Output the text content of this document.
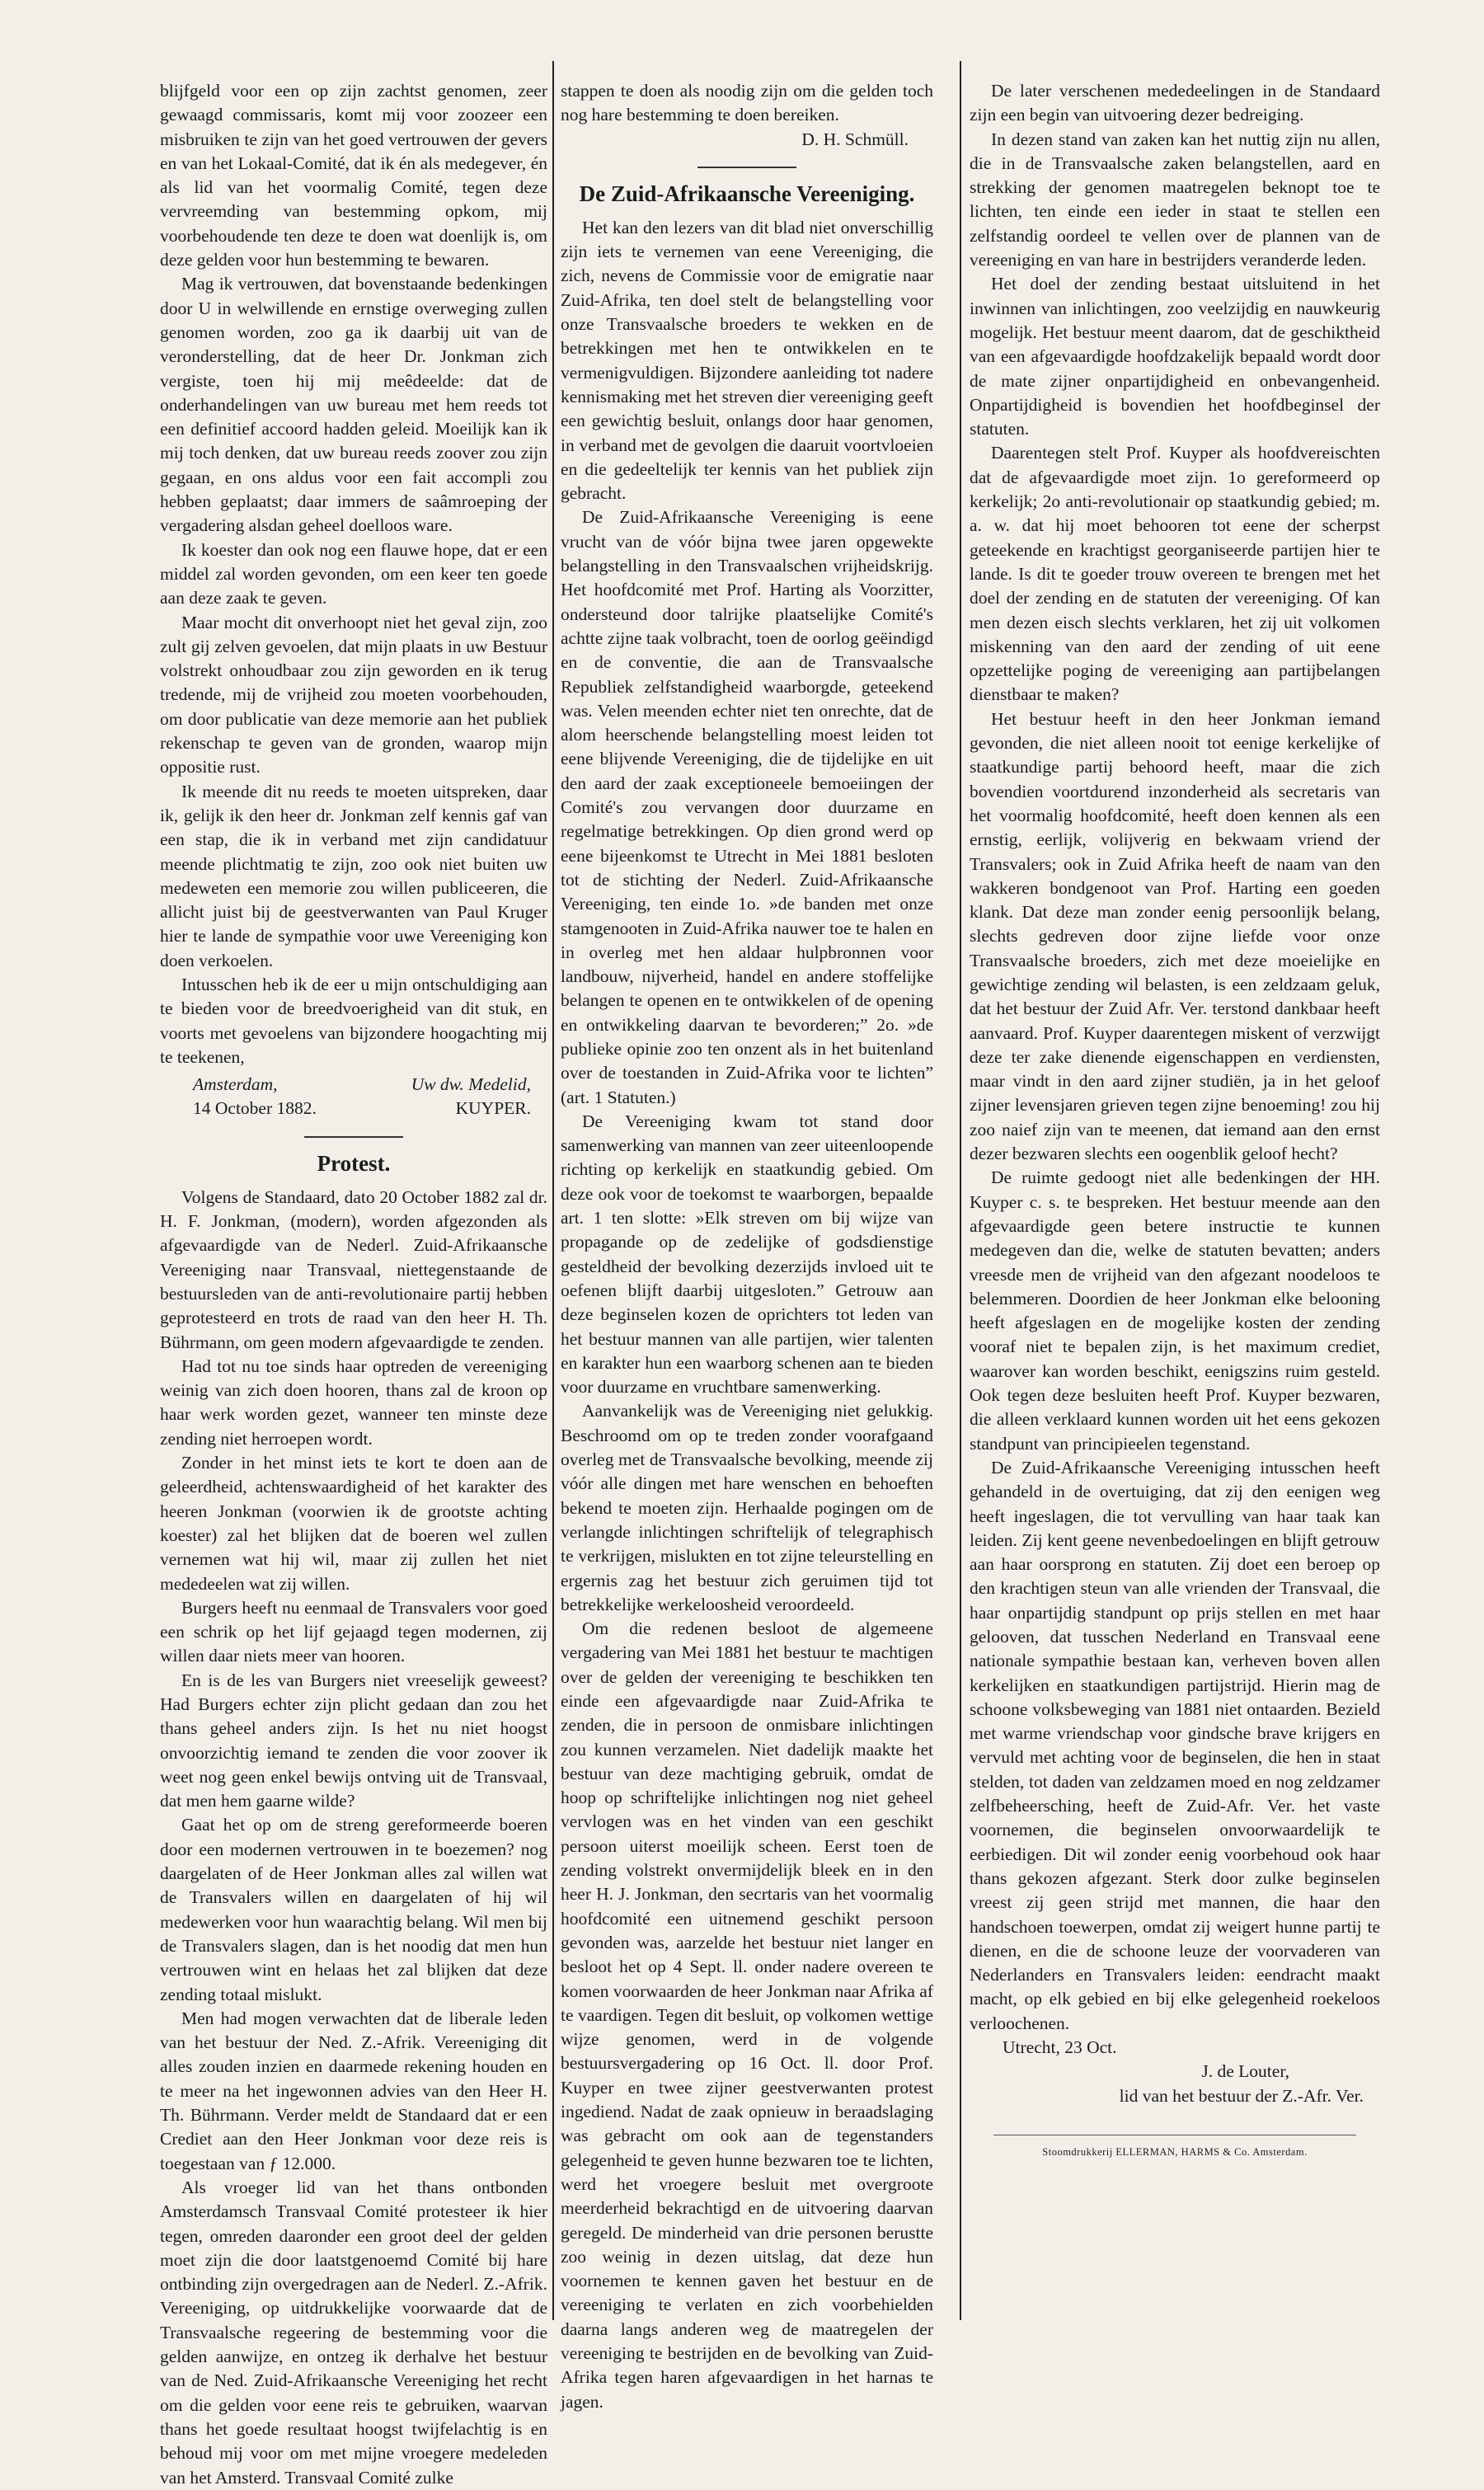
blijfgeld voor een op zijn zachtst genomen, zeer gewaagd commissaris, komt mij voor zoozeer een misbruiken te zijn van het goed vertrouwen der gevers en van het Lokaal-Comité, dat ik én als medegever, én als lid van het voormalig Comité, tegen deze vervreemding van bestemming opkom, mij voorbehoudende ten deze te doen wat doenlijk is, om deze gelden voor hun bestemming te bewaren.

Mag ik vertrouwen, dat bovenstaande bedenkingen door U in welwillende en ernstige overweging zullen genomen worden, zoo ga ik daarbij uit van de veronderstelling, dat de heer Dr. Jonkman zich vergiste, toen hij mij meêdeelde: dat de onderhandelingen van uw bureau met hem reeds tot een definitief accoord hadden geleid. Moeilijk kan ik mij toch denken, dat uw bureau reeds zoover zou zijn gegaan, en ons aldus voor een fait accompli zou hebben geplaatst; daar immers de saâmroeping der vergadering alsdan geheel doelloos ware.

Ik koester dan ook nog een flauwe hope, dat er een middel zal worden gevonden, om een keer ten goede aan deze zaak te geven.

Maar mocht dit onverhoopt niet het geval zijn, zoo zult gij zelven gevoelen, dat mijn plaats in uw Bestuur volstrekt onhoudbaar zou zijn geworden en ik terug tredende, mij de vrijheid zou moeten voorbehouden, om door publicatie van deze memorie aan het publiek rekenschap te geven van de gronden, waarop mijn oppositie rust.

Ik meende dit nu reeds te moeten uitspreken, daar ik, gelijk ik den heer dr. Jonkman zelf kennis gaf van een stap, die ik in verband met zijn candidatuur meende plichtmatig te zijn, zoo ook niet buiten uw medeweten een memorie zou willen publiceeren, die allicht juist bij de geestverwanten van Paul Kruger hier te lande de sympathie voor uwe Vereeniging kon doen verkoelen.

Intusschen heb ik de eer u mijn ontschuldiging aan te bieden voor de breedvoerigheid van dit stuk, en voorts met gevoelens van bijzondere hoogachting mij te teekenen,

Amsterdam,	Uw dw. Medelid,
14 October 1882.	KUYPER.
Protest.

Volgens de Standaard, dato 20 October 1882 zal dr. H. F. Jonkman, (modern), worden afgezonden als afgevaardigde van de Nederl. Zuid-Afrikaansche Vereeniging naar Transvaal, niettegenstaande de bestuursleden van de anti-revolutionaire partij hebben geprotesteerd en trots de raad van den heer H. Th. Bührmann, om geen modern afgevaardigde te zenden.

Had tot nu toe sinds haar optreden de vereeniging weinig van zich doen hooren, thans zal de kroon op haar werk worden gezet, wanneer ten minste deze zending niet herroepen wordt.

Zonder in het minst iets te kort te doen aan de geleerdheid, achtenswaardigheid of het karakter des heeren Jonkman (voorwien ik de grootste achting koester) zal het blijken dat de boeren wel zullen vernemen wat hij wil, maar zij zullen het niet mededeelen wat zij willen.

Burgers heeft nu eenmaal de Transvalers voor goed een schrik op het lijf gejaagd tegen modernen, zij willen daar niets meer van hooren.

En is de les van Burgers niet vreeselijk geweest? Had Burgers echter zijn plicht gedaan dan zou het thans geheel anders zijn. Is het nu niet hoogst onvoorzichtig iemand te zenden die voor zoover ik weet nog geen enkel bewijs ontving uit de Transvaal, dat men hem gaarne wilde?

Gaat het op om de streng gereformeerde boeren door een modernen vertrouwen in te boezemen? nog daargelaten of de Heer Jonkman alles zal willen wat de Transvalers willen en daargelaten of hij wil medewerken voor hun waarachtig belang. Wil men bij de Transvalers slagen, dan is het noodig dat men hun vertrouwen wint en helaas het zal blijken dat deze zending totaal mislukt.

Men had mogen verwachten dat de liberale leden van het bestuur der Ned. Z.-Afrik. Vereeniging dit alles zouden inzien en daarmede rekening houden en te meer na het ingewonnen advies van den Heer H. Th. Bührmann. Verder meldt de Standaard dat er een Crediet aan den Heer Jonkman voor deze reis is toegestaan van ƒ 12.000.

Als vroeger lid van het thans ontbonden Amsterdamsch Transvaal Comité protesteer ik hier tegen, omreden daaronder een groot deel der gelden moet zijn die door laatstgenoemd Comité bij hare ontbinding zijn overgedragen aan de Nederl. Z.-Afrik. Vereeniging, op uitdrukkelijke voorwaarde dat de Transvaalsche regeering de bestemming voor die gelden aanwijze, en ontzeg ik derhalve het bestuur van de Ned. Zuid-Afrikaansche Vereeniging het recht om die gelden voor eene reis te gebruiken, waarvan thans het goede resultaat hoogst twijfelachtig is en behoud mij voor om met mijne vroegere medeleden van het Amsterd. Transvaal Comité zulke

stappen te doen als noodig zijn om die gelden toch nog hare bestemming te doen bereiken.

D. H. Schmüll.
De Zuid-Afrikaansche Vereeniging.

Het kan den lezers van dit blad niet onverschillig zijn iets te vernemen van eene Vereeniging, die zich, nevens de Commissie voor de emigratie naar Zuid-Afrika, ten doel stelt de belangstelling voor onze Transvaalsche broeders te wekken en de betrekkingen met hen te ontwikkelen en te vermenigvuldigen. Bijzondere aanleiding tot nadere kennismaking met het streven dier vereeniging geeft een gewichtig besluit, onlangs door haar genomen, in verband met de gevolgen die daaruit voortvloeien en die gedeeltelijk ter kennis van het publiek zijn gebracht.

De Zuid-Afrikaansche Vereeniging is eene vrucht van de vóór bijna twee jaren opgewekte belangstelling in den Transvaalschen vrijheidskrijg. Het hoofdcomité met Prof. Harting als Voorzitter, ondersteund door talrijke plaatselijke Comité's achtte zijne taak volbracht, toen de oorlog geëindigd en de conventie, die aan de Transvaalsche Republiek zelfstandigheid waarborgde, geteekend was. Velen meenden echter niet ten onrechte, dat de alom heerschende belangstelling moest leiden tot eene blijvende Vereeniging, die de tijdelijke en uit den aard der zaak exceptioneele bemoeiingen der Comité's zou vervangen door duurzame en regelmatige betrekkingen. Op dien grond werd op eene bijeenkomst te Utrecht in Mei 1881 besloten tot de stichting der Nederl. Zuid-Afrikaansche Vereeniging, ten einde 1o. »de banden met onze stamgenooten in Zuid-Afrika nauwer toe te halen en in overleg met hen aldaar hulpbronnen voor landbouw, nijverheid, handel en andere stoffelijke belangen te openen en te ontwikkelen of de opening en ontwikkeling daarvan te bevorderen;” 2o. »de publieke opinie zoo ten onzent als in het buitenland over de toestanden in Zuid-Afrika voor te lichten” (art. 1 Statuten.)

De Vereeniging kwam tot stand door samenwerking van mannen van zeer uiteenloopende richting op kerkelijk en staatkundig gebied. Om deze ook voor de toekomst te waarborgen, bepaalde art. 1 ten slotte: »Elk streven om bij wijze van propagande op de zedelijke of godsdienstige gesteldheid der bevolking dezerzijds invloed uit te oefenen blijft daarbij uitgesloten.” Getrouw aan deze beginselen kozen de oprichters tot leden van het bestuur mannen van alle partijen, wier talenten en karakter hun een waarborg schenen aan te bieden voor duurzame en vruchtbare samenwerking.

Aanvankelijk was de Vereeniging niet gelukkig. Beschroomd om op te treden zonder voorafgaand overleg met de Transvaalsche bevolking, meende zij vóór alle dingen met hare wenschen en behoeften bekend te moeten zijn. Herhaalde pogingen om de verlangde inlichtingen schriftelijk of telegraphisch te verkrijgen, mislukten en tot zijne teleurstelling en ergernis zag het bestuur zich geruimen tijd tot betrekkelijke werkeloosheid veroordeeld.

Om die redenen besloot de algemeene vergadering van Mei 1881 het bestuur te machtigen over de gelden der vereeniging te beschikken ten einde een afgevaardigde naar Zuid-Afrika te zenden, die in persoon de onmisbare inlichtingen zou kunnen verzamelen. Niet dadelijk maakte het bestuur van deze machtiging gebruik, omdat de hoop op schriftelijke inlichtingen nog niet geheel vervlogen was en het vinden van een geschikt persoon uiterst moeilijk scheen. Eerst toen de zending volstrekt onvermijdelijk bleek en in den heer H. J. Jonkman, den secrtaris van het voormalig hoofdcomité een uitnemend geschikt persoon gevonden was, aarzelde het bestuur niet langer en besloot het op 4 Sept. ll. onder nadere overeen te komen voorwaarden de heer Jonkman naar Afrika af te vaardigen. Tegen dit besluit, op volkomen wettige wijze genomen, werd in de volgende bestuursvergadering op 16 Oct. ll. door Prof. Kuyper en twee zijner geestverwanten protest ingediend. Nadat de zaak opnieuw in beraadslaging was gebracht om ook aan de tegenstanders gelegenheid te geven hunne bezwaren toe te lichten, werd het vroegere besluit met overgroote meerderheid bekrachtigd en de uitvoering daarvan geregeld. De minderheid van drie personen berustte zoo weinig in dezen uitslag, dat deze hun voornemen te kennen gaven het bestuur en de vereeniging te verlaten en zich voorbehielden daarna langs anderen weg de maatregelen der vereeniging te bestrijden en de bevolking van Zuid-Afrika tegen haren afgevaardigen in het harnas te jagen.

De later verschenen mededeelingen in de Standaard zijn een begin van uitvoering dezer bedreiging.

In dezen stand van zaken kan het nuttig zijn nu allen, die in de Transvaalsche zaken belangstellen, aard en strekking der genomen maatregelen beknopt toe te lichten, ten einde een ieder in staat te stellen een zelfstandig oordeel te vellen over de plannen van de vereeniging en van hare in bestrijders veranderde leden.

Het doel der zending bestaat uitsluitend in het inwinnen van inlichtingen, zoo veelzijdig en nauwkeurig mogelijk. Het bestuur meent daarom, dat de geschiktheid van een afgevaardigde hoofdzakelijk bepaald wordt door de mate zijner onpartijdigheid en onbevangenheid. Onpartijdigheid is bovendien het hoofdbeginsel der statuten.

Daarentegen stelt Prof. Kuyper als hoofdvereischten dat de afgevaardigde moet zijn. 1o gereformeerd op kerkelijk; 2o anti-revolutionair op staatkundig gebied; m. a. w. dat hij moet behooren tot eene der scherpst geteekende en krachtigst georganiseerde partijen hier te lande. Is dit te goeder trouw overeen te brengen met het doel der zending en de statuten der vereeniging. Of kan men dezen eisch slechts verklaren, het zij uit volkomen miskenning van den aard der zending of uit eene opzettelijke poging de vereeniging aan partijbelangen dienstbaar te maken?

Het bestuur heeft in den heer Jonkman iemand gevonden, die niet alleen nooit tot eenige kerkelijke of staatkundige partij behoord heeft, maar die zich bovendien voortdurend inzonderheid als secretaris van het voormalig hoofdcomité, heeft doen kennen als een ernstig, eerlijk, volijverig en bekwaam vriend der Transvalers; ook in Zuid Afrika heeft de naam van den wakkeren bondgenoot van Prof. Harting een goeden klank. Dat deze man zonder eenig persoonlijk belang, slechts gedreven door zijne liefde voor onze Transvaalsche broeders, zich met deze moeielijke en gewichtige zending wil belasten, is een zeldzaam geluk, dat het bestuur der Zuid Afr. Ver. terstond dankbaar heeft aanvaard. Prof. Kuyper daarentegen miskent of verzwijgt deze ter zake dienende eigenschappen en verdiensten, maar vindt in den aard zijner studiën, ja in het geloof zijner levensjaren grieven tegen zijne benoeming! zou hij zoo naief zijn van te meenen, dat iemand aan den ernst dezer bezwaren slechts een oogenblik geloof hecht?

De ruimte gedoogt niet alle bedenkingen der HH. Kuyper c. s. te bespreken. Het bestuur meende aan den afgevaardigde geen betere instructie te kunnen medegeven dan die, welke de statuten bevatten; anders vreesde men de vrijheid van den afgezant noodeloos te belemmeren. Doordien de heer Jonkman elke belooning heeft afgeslagen en de mogelijke kosten der zending vooraf niet te bepalen zijn, is het maximum crediet, waarover kan worden beschikt, eenigszins ruim gesteld. Ook tegen deze besluiten heeft Prof. Kuyper bezwaren, die alleen verklaard kunnen worden uit het eens gekozen standpunt van principieelen tegenstand.

De Zuid-Afrikaansche Vereeniging intusschen heeft gehandeld in de overtuiging, dat zij den eenigen weg heeft ingeslagen, die tot vervulling van haar taak kan leiden. Zij kent geene nevenbedoelingen en blijft getrouw aan haar oorsprong en statuten. Zij doet een beroep op den krachtigen steun van alle vrienden der Transvaal, die haar onpartijdig standpunt op prijs stellen en met haar gelooven, dat tusschen Nederland en Transvaal eene nationale sympathie bestaan kan, verheven boven allen kerkelijken en staatkundigen partijstrijd. Hierin mag de schoone volksbeweging van 1881 niet ontaarden. Bezield met warme vriendschap voor gindsche brave krijgers en vervuld met achting voor de beginselen, die hen in staat stelden, tot daden van zeldzamen moed en nog zeldzamer zelfbeheersching, heeft de Zuid-Afr. Ver. het vaste voornemen, die beginselen onvoorwaardelijk te eerbiedigen. Dit wil zonder eenig voorbehoud ook haar thans gekozen afgezant. Sterk door zulke beginselen vreest zij geen strijd met mannen, die haar den handschoen toewerpen, omdat zij weigert hunne partij te dienen, en die de schoone leuze der voorvaderen van Nederlanders en Transvalers leiden: eendracht maakt macht, op elk gebied en bij elke gelegenheid roekeloos verloochenen.

Utrecht, 23 Oct.
J. de Louter,
lid van het bestuur der Z.-Afr. Ver.
Stoomdrukkerij ELLERMAN, HARMS & Co. Amsterdam.
